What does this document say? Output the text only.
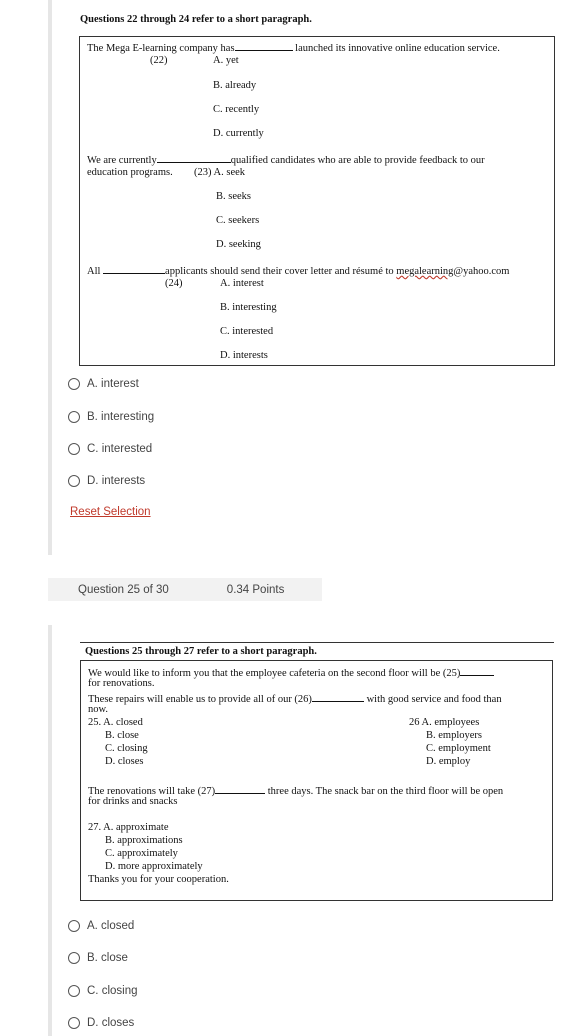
Questions 22 through 24 refer to a short paragraph.
The Mega E-learning company has	launched its innovative online education service.
(22)	A. yet
B. already
C. recently
D. currently
We are currently	qualified candidates who are able to provide feedback to our
education programs. (23) A. seek
B. seeks
C. seekers
D. seeking
All	applicants should send their cover letter and résumé to megalearning@yahoo.com
(24)	A. interest
B. interesting
C. interested
D. interests
A. interest
B. interesting
C. interested
D. interests
Reset Selection
Question 25 of 30	0.34 Points
Questions 25 through 27 refer to a short paragraph.
We would like to inform you that the employee cafeteria on the second floor will be (25)
for renovations.
These repairs will enable us to provide all of our (26)	with good service and food than
now.
25. A. closed
B. close
C. closing
D. closes
26 A. employees
B. employers
C. employment
D. employ
The renovations will take (27)	three days. The snack bar on the third floor will be open
for drinks and snacks
27. A. approximate
B. approximations
C. approximately
D. more approximately
Thanks you for your cooperation.
A. closed
B. close
C. closing
D. closes
